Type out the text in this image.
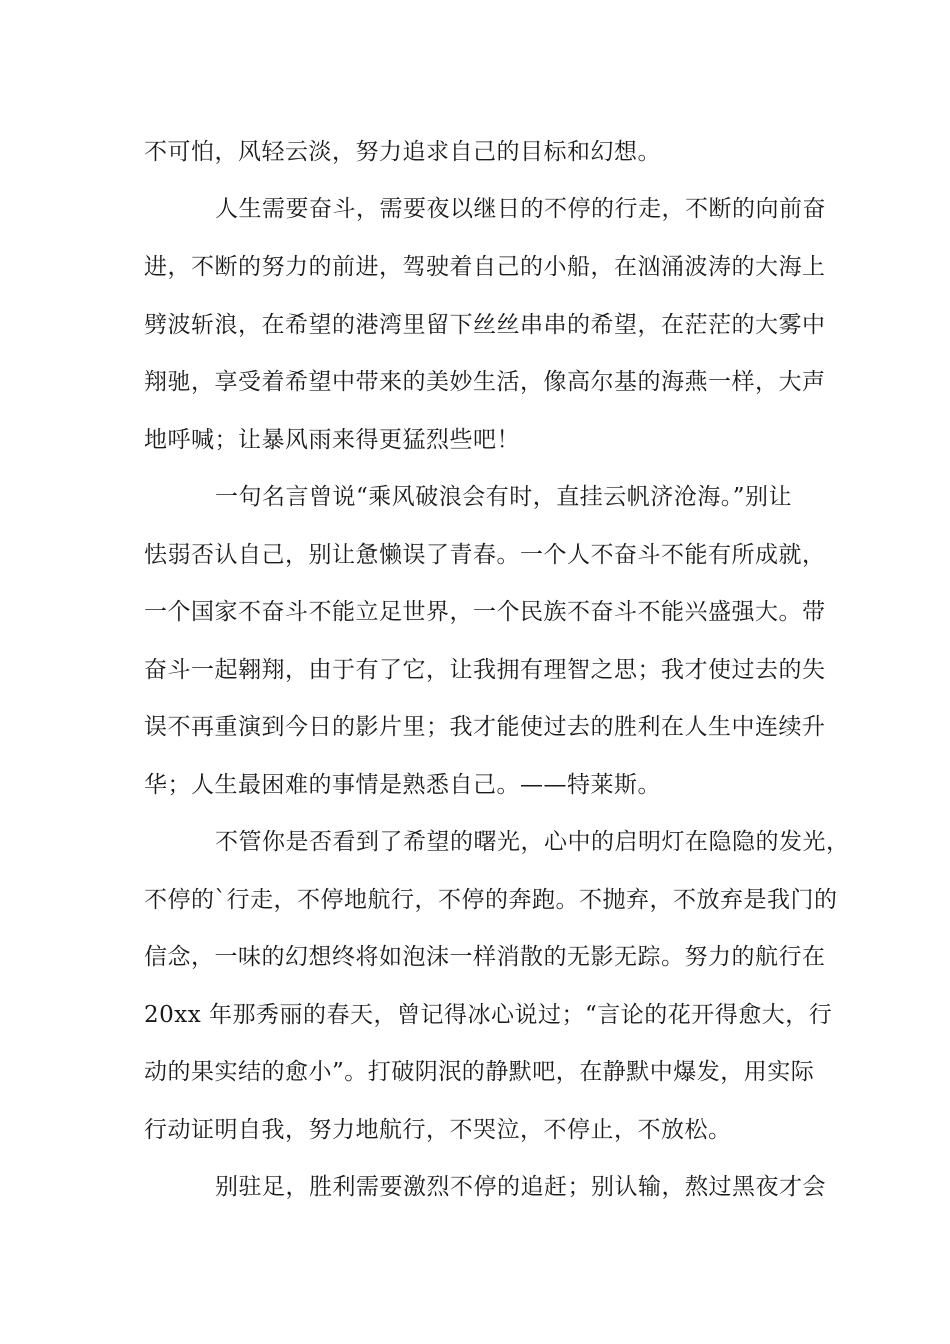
不可怕，风轻云淡，努力追求自己的目标和幻想。
人生需要奋斗，需要夜以继日的不停的行走，不断的向前奋
进，不断的努力的前进，驾驶着自己的小船，在汹涌波涛的大海上
劈波斩浪，在希望的港湾里留下丝丝串串的希望，在茫茫的大雾中
翔驰，享受着希望中带来的美妙生活，像高尔基的海燕一样，大声
地呼喊；让暴风雨来得更猛烈些吧！
一句名言曾说“乘风破浪会有时，直挂云帆济沧海。”别让
怯弱否认自己，别让惫懒误了青春。一个人不奋斗不能有所成就，
一个国家不奋斗不能立足世界，一个民族不奋斗不能兴盛强大。带
奋斗一起翱翔，由于有了它，让我拥有理智之思；我才使过去的失
误不再重演到今日的影片里；我才能使过去的胜利在人生中连续升
华；人生最困难的事情是熟悉自己。——特莱斯。
不管你是否看到了希望的曙光，心中的启明灯在隐隐的发光，
不停的`行走，不停地航行，不停的奔跑。不抛弃，不放弃是我门的
信念，一味的幻想终将如泡沫一样消散的无影无踪。努力的航行在
20xx 年那秀丽的春天，曾记得冰心说过；“言论的花开得愈大，行
动的果实结的愈小”。打破阴泯的静默吧，在静默中爆发，用实际
行动证明自我，努力地航行，不哭泣，不停止，不放松。
别驻足，胜利需要激烈不停的追赶；别认输，熬过黑夜才会
